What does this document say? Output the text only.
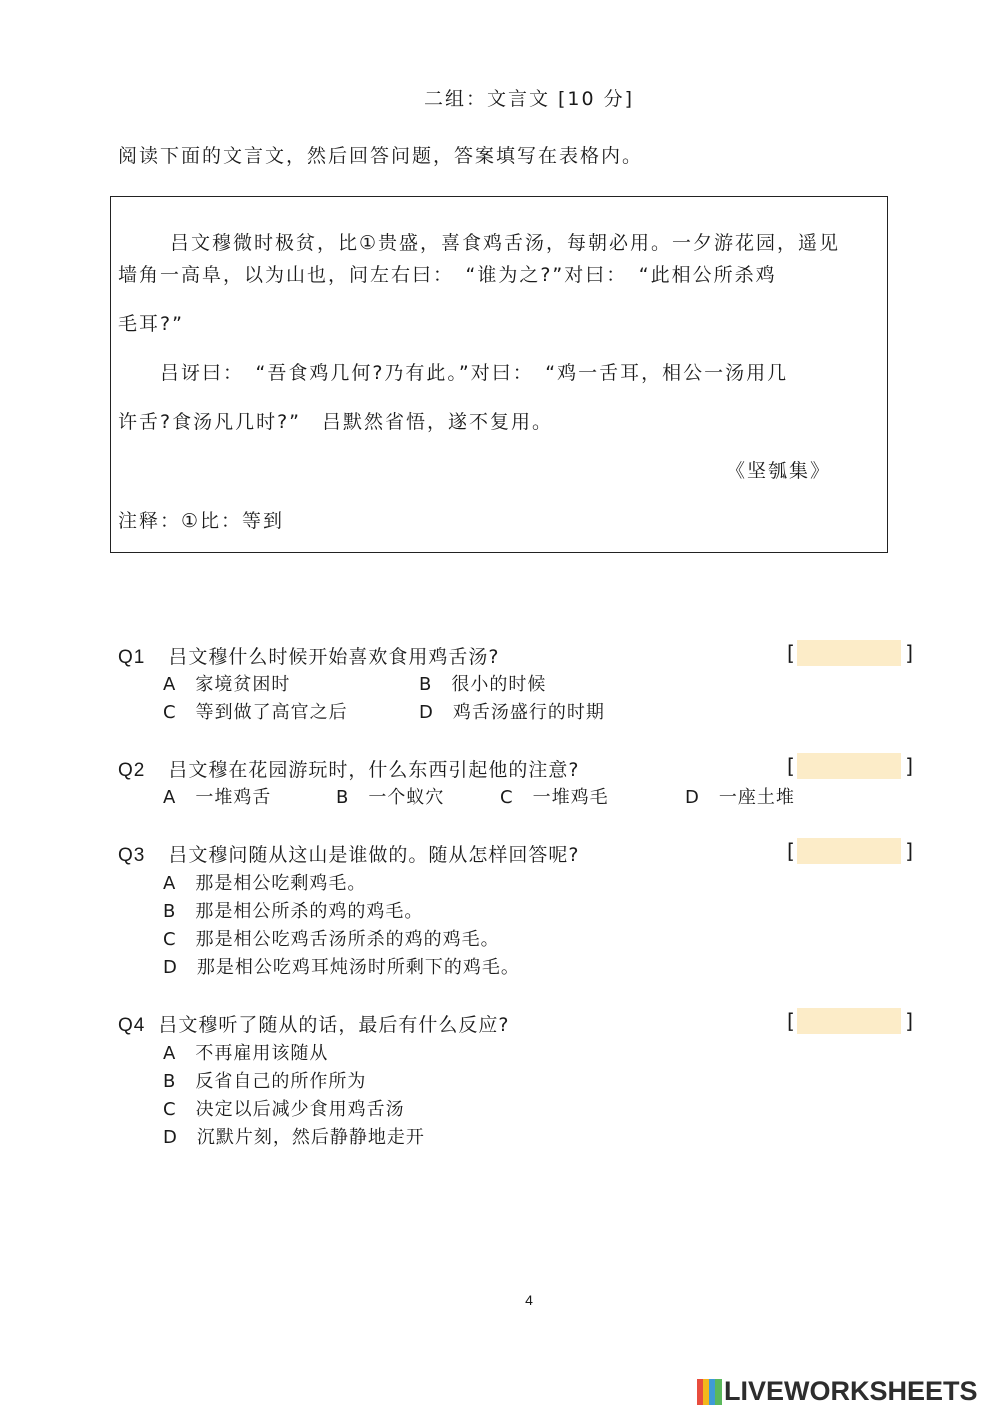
二组：文言文 [10 分]
阅读下面的文言文，然后回答问题，答案填写在表格内。
　　吕文穆微时极贫，比①贵盛，喜食鸡舌汤，每朝必用。一夕游花园，遥见
墙角一高阜，以为山也，问左右曰：　“谁为之?”对曰：　“此相公所杀鸡
毛耳?”
　　吕讶曰：　“吾食鸡几何?乃有此。”对曰：　“鸡一舌耳，相公一汤用几
许舌?食汤凡几时?”　吕默然省悟，遂不复用。
《坚瓠集》
注释：①比：等到
Q1 吕文穆什么时候开始喜欢食用鸡舌汤?	[	]
A　家境贫困时	B　很小的时候
C　等到做了高官之后	D　鸡舌汤盛行的时期
Q2 吕文穆在花园游玩时，什么东西引起他的注意?	[	]
A　一堆鸡舌	B　一个蚁穴	C　一堆鸡毛	D　一座土堆
Q3 吕文穆问随从这山是谁做的。随从怎样回答呢?	[	]
A　那是相公吃剩鸡毛。
B　那是相公所杀的鸡的鸡毛。
C　那是相公吃鸡舌汤所杀的鸡的鸡毛。
D　那是相公吃鸡耳炖汤时所剩下的鸡毛。
Q4 吕文穆听了随从的话，最后有什么反应?	[	]
A　不再雇用该随从
B　反省自己的所作所为
C　决定以后减少食用鸡舌汤
D　沉默片刻，然后静静地走开
4
LIVEWORKSHEETS
